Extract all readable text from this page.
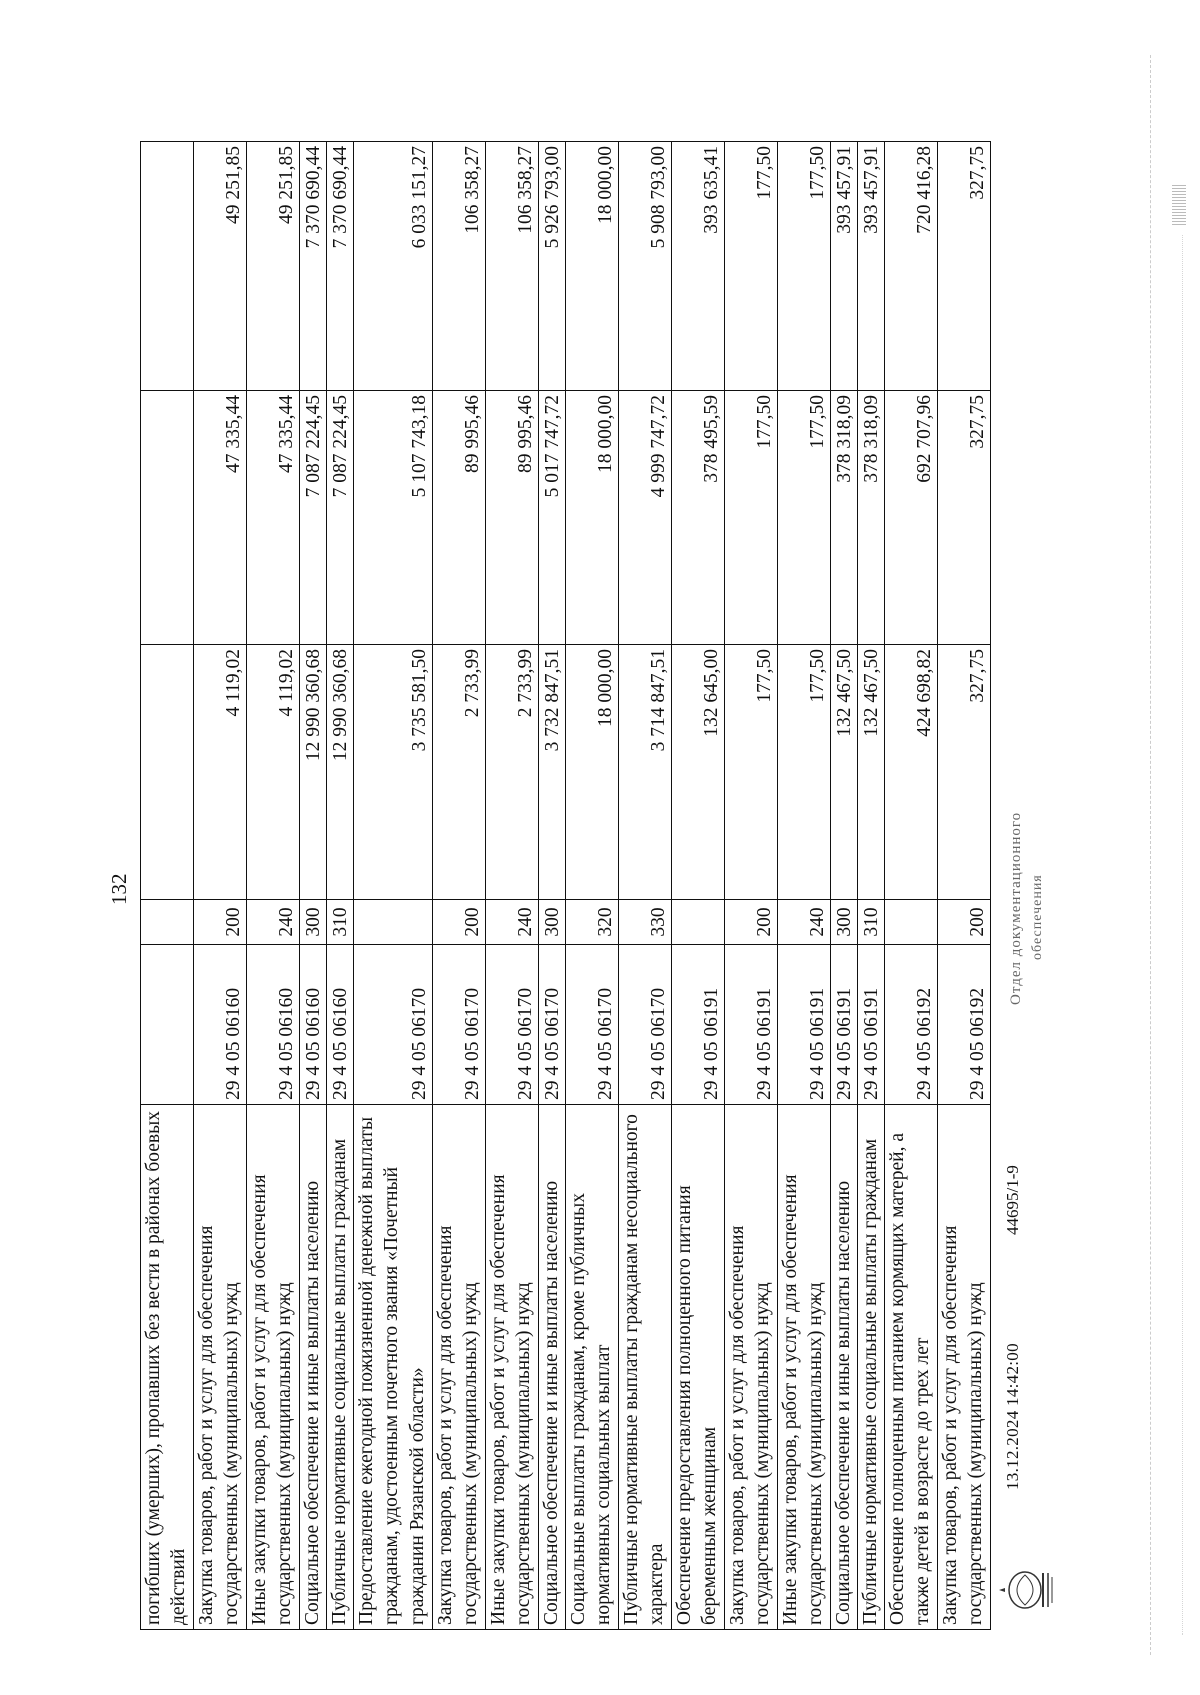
132
погибших (умерших), пропавших без вести в районах боевых действий					
Закупка товаров, работ и услуг для обеспечения государственных (муниципальных) нужд	29 4 05 06160	200	4 119,02	47 335,44	49 251,85
Иные закупки товаров, работ и услуг для обеспечения государственных (муниципальных) нужд	29 4 05 06160	240	4 119,02	47 335,44	49 251,85
Социальное обеспечение и иные выплаты населению	29 4 05 06160	300	12 990 360,68	7 087 224,45	7 370 690,44
Публичные нормативные социальные выплаты гражданам	29 4 05 06160	310	12 990 360,68	7 087 224,45	7 370 690,44
Предоставление ежегодной пожизненной денежной выплаты гражданам, удостоенным почетного звания «Почетный гражданин Рязанской области»	29 4 05 06170		3 735 581,50	5 107 743,18	6 033 151,27
Закупка товаров, работ и услуг для обеспечения государственных (муниципальных) нужд	29 4 05 06170	200	2 733,99	89 995,46	106 358,27
Иные закупки товаров, работ и услуг для обеспечения государственных (муниципальных) нужд	29 4 05 06170	240	2 733,99	89 995,46	106 358,27
Социальное обеспечение и иные выплаты населению	29 4 05 06170	300	3 732 847,51	5 017 747,72	5 926 793,00
Социальные выплаты гражданам, кроме публичных нормативных социальных выплат	29 4 05 06170	320	18 000,00	18 000,00	18 000,00
Публичные нормативные выплаты гражданам несоциального характера	29 4 05 06170	330	3 714 847,51	4 999 747,72	5 908 793,00
Обеспечение предоставления полноценного питания беременным женщинам	29 4 05 06191		132 645,00	378 495,59	393 635,41
Закупка товаров, работ и услуг для обеспечения государственных (муниципальных) нужд	29 4 05 06191	200	177,50	177,50	177,50
Иные закупки товаров, работ и услуг для обеспечения государственных (муниципальных) нужд	29 4 05 06191	240	177,50	177,50	177,50
Социальное обеспечение и иные выплаты населению	29 4 05 06191	300	132 467,50	378 318,09	393 457,91
Публичные нормативные социальные выплаты гражданам	29 4 05 06191	310	132 467,50	378 318,09	393 457,91
Обеспечение полноценным питанием кормящих матерей, а также детей в возрасте до трех лет	29 4 05 06192		424 698,82	692 707,96	720 416,28
Закупка товаров, работ и услуг для обеспечения государственных (муниципальных) нужд	29 4 05 06192	200	327,75	327,75	327,75
13.12.2024 14:42:00
44695/1-9
Отдел документационного обеспечения
